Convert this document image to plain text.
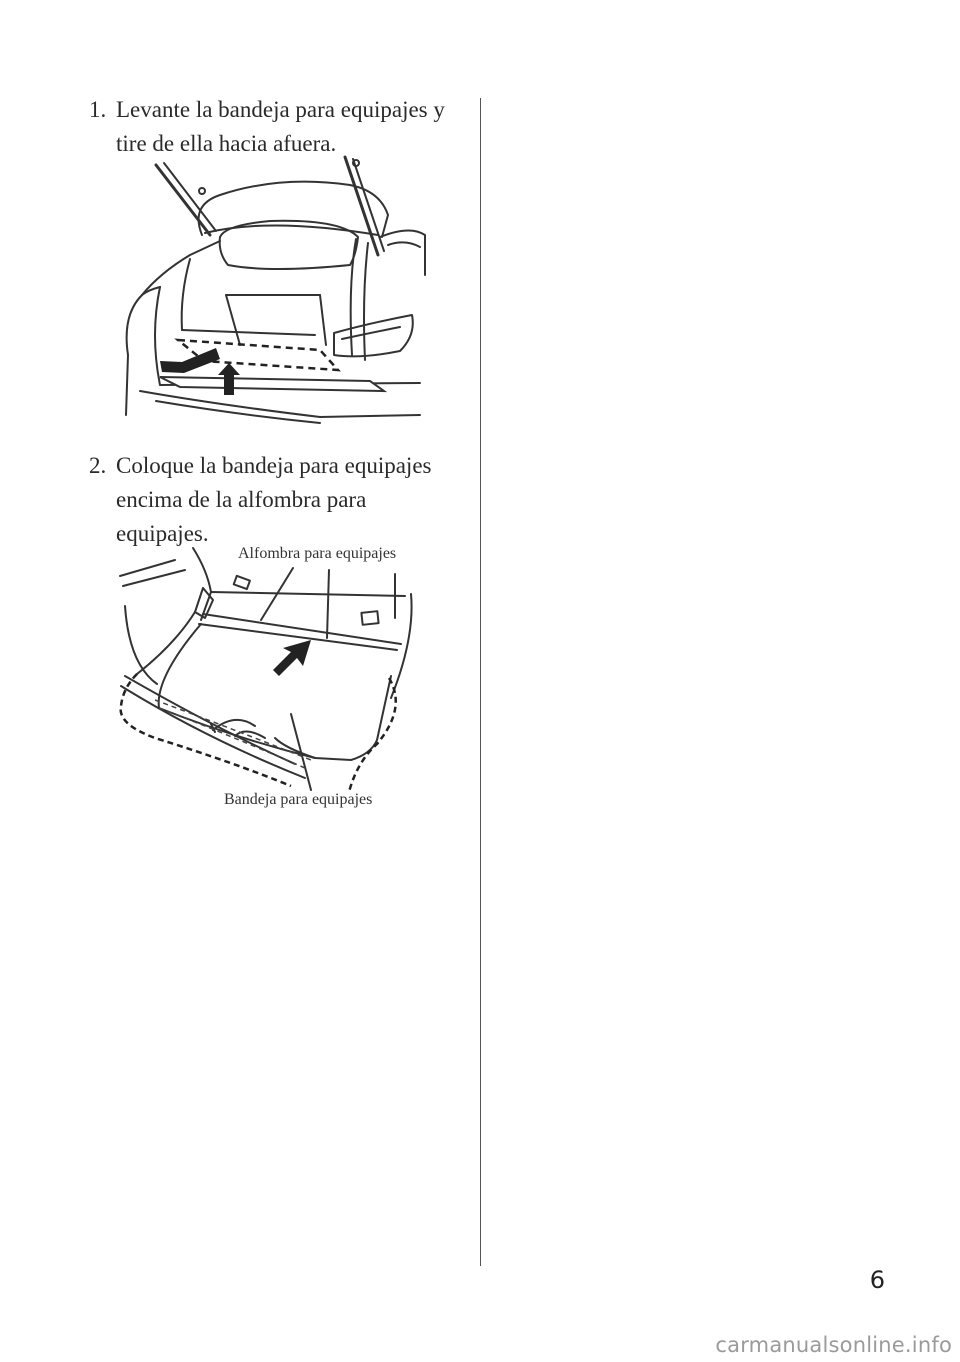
1. Levante la bandeja para equipajes y tire de ella hacia afuera.
2. Coloque la bandeja para equipajes encima de la alfombra para equipajes.
Alfombra para equipajes
Bandeja para equipajes
6
carmanualsonline.info
